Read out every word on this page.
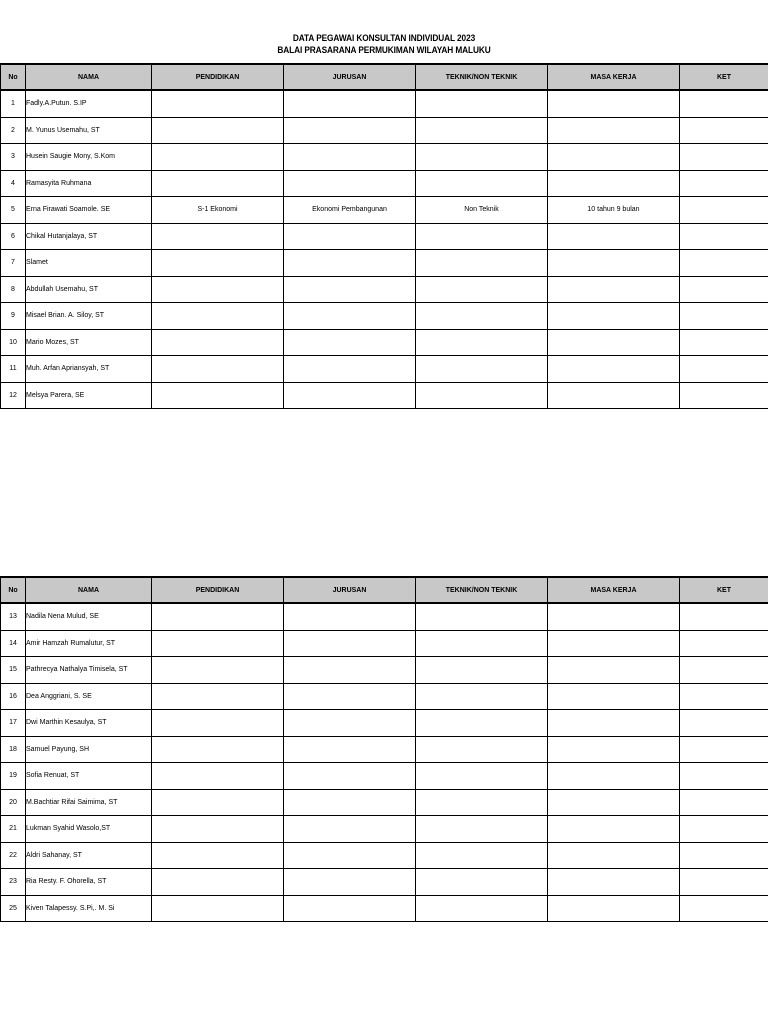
DATA PEGAWAI KONSULTAN INDIVIDUAL 2023
BALAI PRASARANA PERMUKIMAN WILAYAH MALUKU
No	NAMA	PENDIDIKAN	JURUSAN	TEKNIK/NON TEKNIK	MASA KERJA	KET
1	Fadly.A.Putun. S.IP					
2	M. Yunus Usemahu, ST					
3	Husein Saugie Mony, S.Kom					
4	Ramasyita Ruhmana					
5	Erna Firawati Soamole. SE	S-1 Ekonomi	Ekonomi Pembangunan	Non Teknik	10 tahun 9 bulan	
6	Chikal Hutanjalaya, ST					
7	Slamet					
8	Abdullah Usemahu, ST					
9	Misael Brian. A. Siloy, ST					
10	Mario Mozes, ST					
11	Muh. Arfan Apriansyah, ST					
12	Melsya Parera, SE					
No	NAMA	PENDIDIKAN	JURUSAN	TEKNIK/NON TEKNIK	MASA KERJA	KET
13	Nadila Nena Mulud, SE					
14	Amir Hamzah Rumalutur, ST					
15	Pathrecya Nathalya Timisela, ST					
16	Dea Anggriani, S. SE					
17	Dwi Marthin Kesaulya, ST					
18	Samuel Payung, SH					
19	Sofia Renuat, ST					
20	M.Bachtiar Rifai Saimima, ST					
21	Lukman Syahid Wasolo,ST					
22	Aldri Sahanay, ST					
23	Ria Resty. F. Ohorella, ST					
25	Kiven Talapessy. S.Pi,. M. Si					
